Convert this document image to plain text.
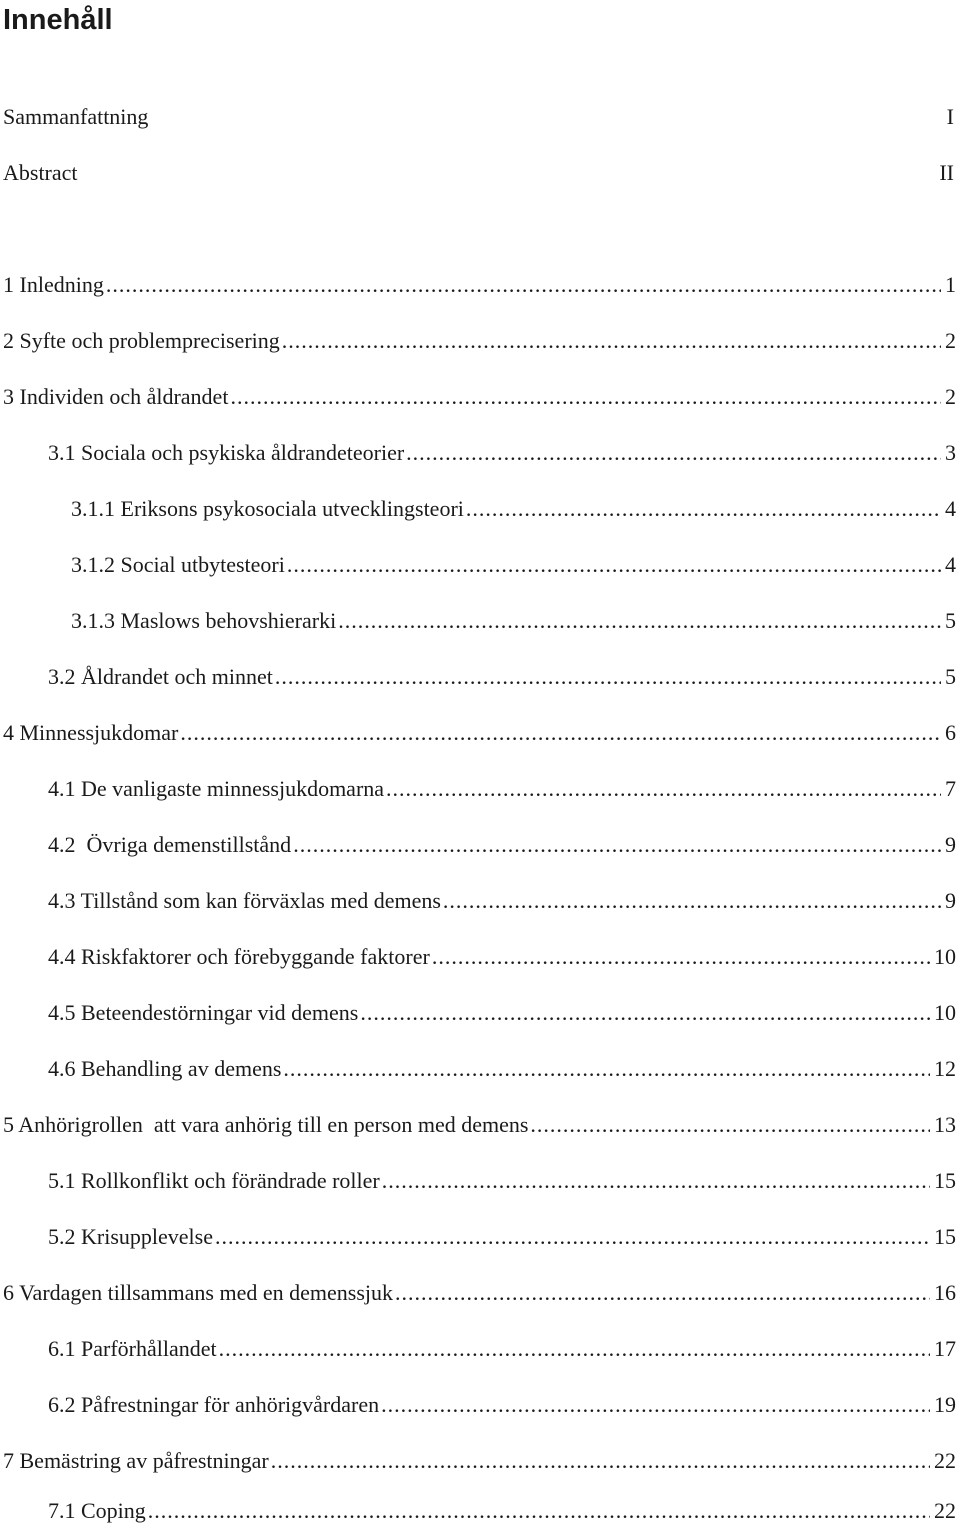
Innehåll
Sammanfattning	I
Abstract	II
1 Inledning .....	1
2 Syfte och problemprecisering .....	2
3 Individen och åldrandet .....	2
3.1 Sociala och psykiska åldrandeteorier .....	3
3.1.1 Eriksons psykosociala utvecklingsteori .....	4
3.1.2 Social utbytesteori .....	4
3.1.3 Maslows behovshierarki .....	5
3.2 Åldrandet och minnet .....	5
4 Minnessjukdomar .....	6
4.1 De vanligaste minnessjukdomarna .....	7
4.2  Övriga demenstillstånd .....	9
4.3 Tillstånd som kan förväxlas med demens .....	9
4.4 Riskfaktorer och förebyggande faktorer .....	10
4.5 Beteendestörningar vid demens .....	10
4.6 Behandling av demens .....	12
5 Anhörigrollen  att vara anhörig till en person med demens .....	13
5.1 Rollkonflikt och förändrade roller .....	15
5.2 Krisupplevelse .....	15
6 Vardagen tillsammans med en demenssjuk .....	16
6.1 Parförhållandet .....	17
6.2 Påfrestningar för anhörigvårdaren .....	19
7 Bemästring av påfrestningar .....	22
7.1 Coping .....	22
